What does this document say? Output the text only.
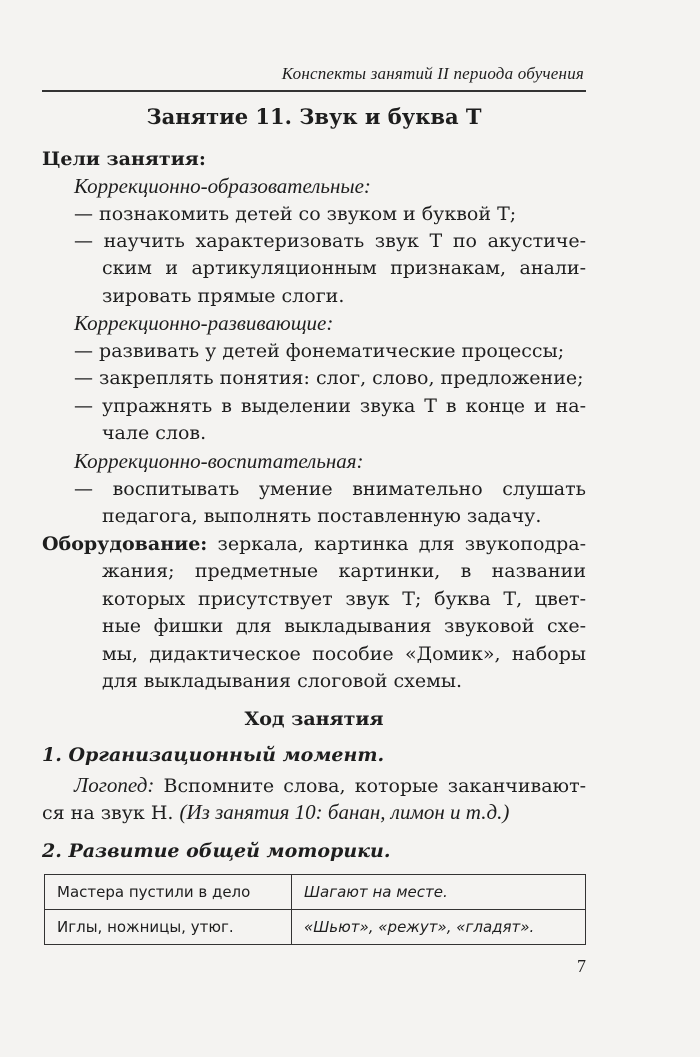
Конспекты занятий II периода обучения
Занятие 11. Звук и буква Т
Цели занятия:
Коррекционно-образовательные:
— познакомить детей со звуком и буквой Т;
— научить характеризовать звук Т по акустиче-
ским и артикуляционным признакам, анали-
зировать прямые слоги.
Коррекционно-развивающие:
— развивать у детей фонематические процессы;
— закреплять понятия: слог, слово, предложение;
— упражнять в выделении звука Т в конце и на-
чале слов.
Коррекционно-воспитательная:
— воспитывать умение внимательно слушать
педагога, выполнять поставленную задачу.
Оборудование: зеркала, картинка для звукоподра-
жания; предметные картинки, в названии
которых присутствует звук Т; буква Т, цвет-
ные фишки для выкладывания звуковой схе-
мы, дидактическое пособие «Домик», наборы
для выкладывания слоговой схемы.
Ход занятия
1. Организационный момент.
Логопед: Вспомните слова, которые заканчивают-
ся на звук Н. (Из занятия 10: банан, лимон и т.д.)
2. Развитие общей моторики.
Мастера пустили в дело	Шагают на месте.
Иглы, ножницы, утюг.	«Шьют», «режут», «гладят».
7
